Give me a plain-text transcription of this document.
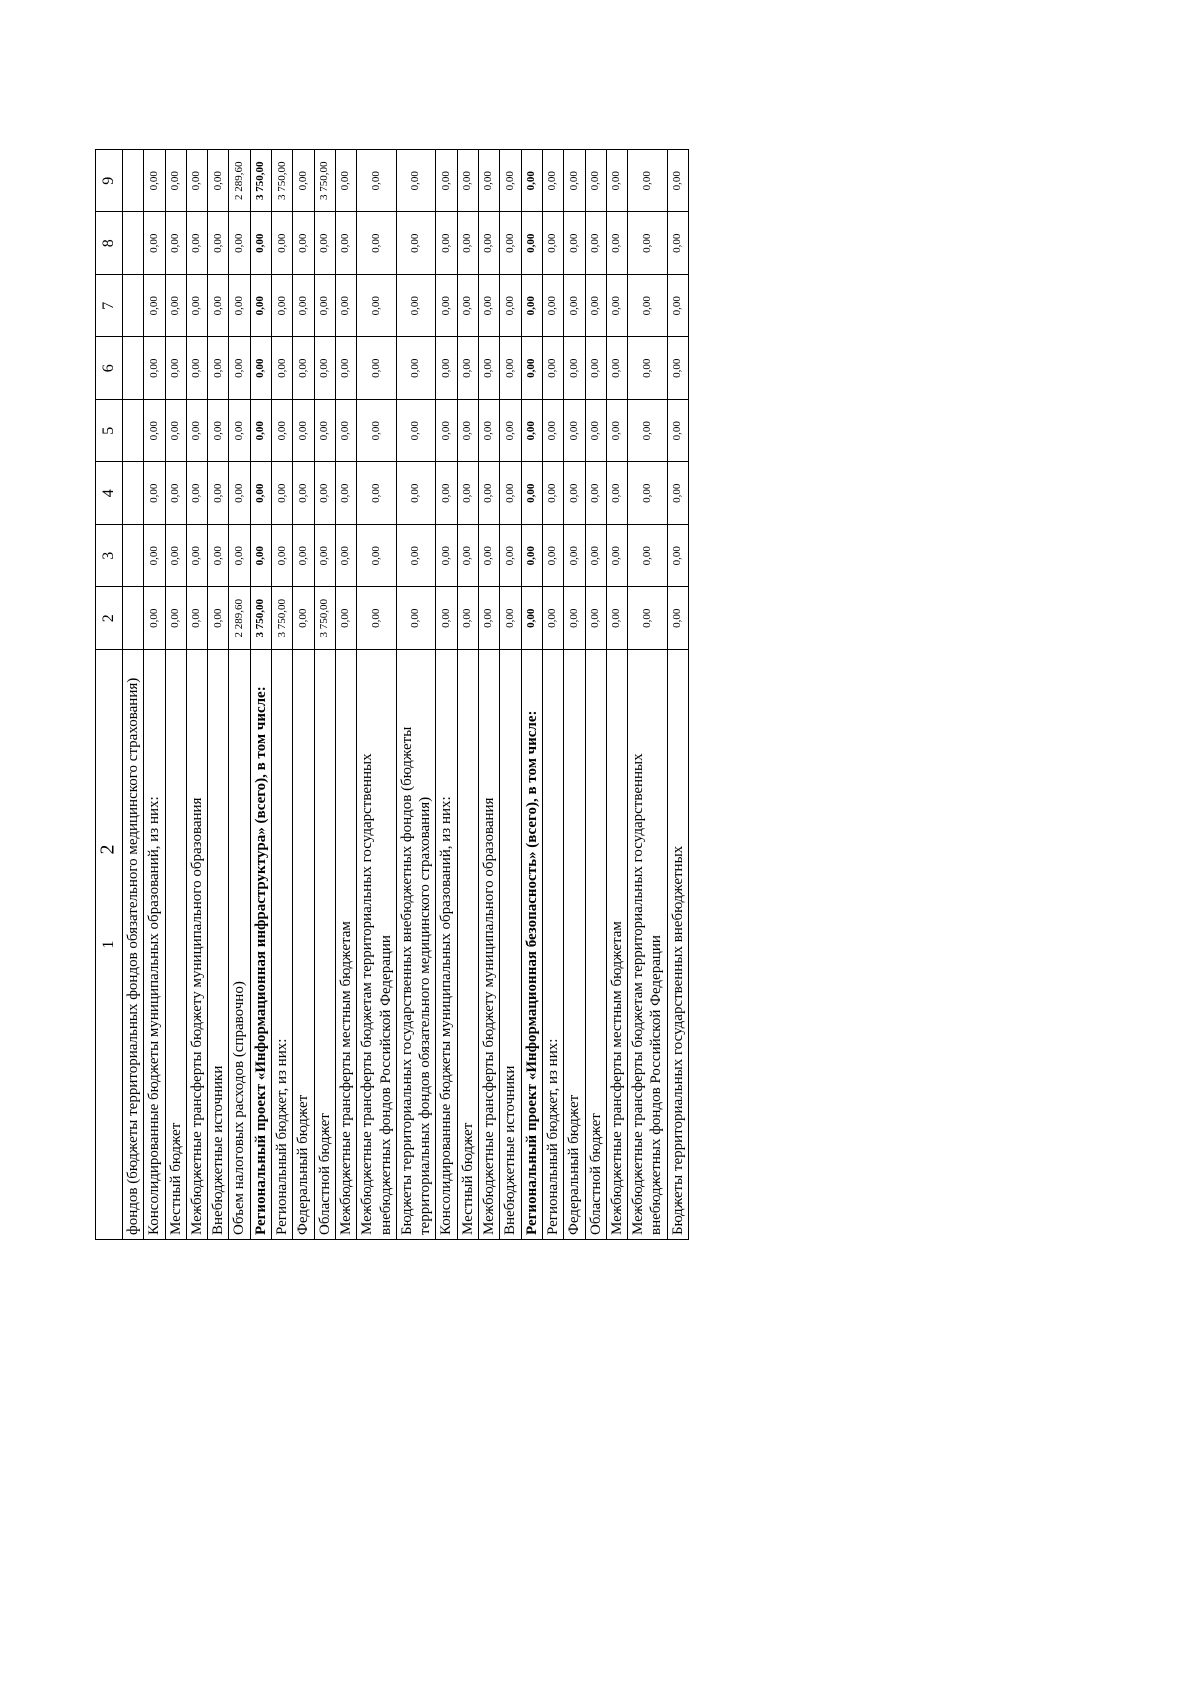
2
1	2	3	4	5	6	7	8	9
фондов (бюджеты территориальных фондов обязательного медицинского страхования)								
Консолидированные бюджеты муниципальных образований, из них:	0,00	0,00	0,00	0,00	0,00	0,00	0,00	0,00
Местный бюджет	0,00	0,00	0,00	0,00	0,00	0,00	0,00	0,00
Межбюджетные трансферты бюджету муниципального образования	0,00	0,00	0,00	0,00	0,00	0,00	0,00	0,00
Внебюджетные источники	0,00	0,00	0,00	0,00	0,00	0,00	0,00	0,00
Объем налоговых расходов (справочно)	2 289,60	0,00	0,00	0,00	0,00	0,00	0,00	2 289,60
Региональный проект «Информационная инфраструктура» (всего), в том числе:	3 750,00	0,00	0,00	0,00	0,00	0,00	0,00	3 750,00
Региональный бюджет, из них:	3 750,00	0,00	0,00	0,00	0,00	0,00	0,00	3 750,00
Федеральный бюджет	0,00	0,00	0,00	0,00	0,00	0,00	0,00	0,00
Областной бюджет	3 750,00	0,00	0,00	0,00	0,00	0,00	0,00	3 750,00
Межбюджетные трансферты местным бюджетам	0,00	0,00	0,00	0,00	0,00	0,00	0,00	0,00
Межбюджетные трансферты бюджетам территориальных государственных внебюджетных фондов Российской Федерации	0,00	0,00	0,00	0,00	0,00	0,00	0,00	0,00
Бюджеты территориальных государственных внебюджетных фондов (бюджеты территориальных фондов обязательного медицинского страхования)	0,00	0,00	0,00	0,00	0,00	0,00	0,00	0,00
Консолидированные бюджеты муниципальных образований, из них:	0,00	0,00	0,00	0,00	0,00	0,00	0,00	0,00
Местный бюджет	0,00	0,00	0,00	0,00	0,00	0,00	0,00	0,00
Межбюджетные трансферты бюджету муниципального образования	0,00	0,00	0,00	0,00	0,00	0,00	0,00	0,00
Внебюджетные источники	0,00	0,00	0,00	0,00	0,00	0,00	0,00	0,00
Региональный проект «Информационная безопасность» (всего), в том числе:	0,00	0,00	0,00	0,00	0,00	0,00	0,00	0,00
Региональный бюджет, из них:	0,00	0,00	0,00	0,00	0,00	0,00	0,00	0,00
Федеральный бюджет	0,00	0,00	0,00	0,00	0,00	0,00	0,00	0,00
Областной бюджет	0,00	0,00	0,00	0,00	0,00	0,00	0,00	0,00
Межбюджетные трансферты местным бюджетам	0,00	0,00	0,00	0,00	0,00	0,00	0,00	0,00
Межбюджетные трансферты бюджетам территориальных государственных внебюджетных фондов Российской Федерации	0,00	0,00	0,00	0,00	0,00	0,00	0,00	0,00
Бюджеты территориальных государственных внебюджетных	0,00	0,00	0,00	0,00	0,00	0,00	0,00	0,00
